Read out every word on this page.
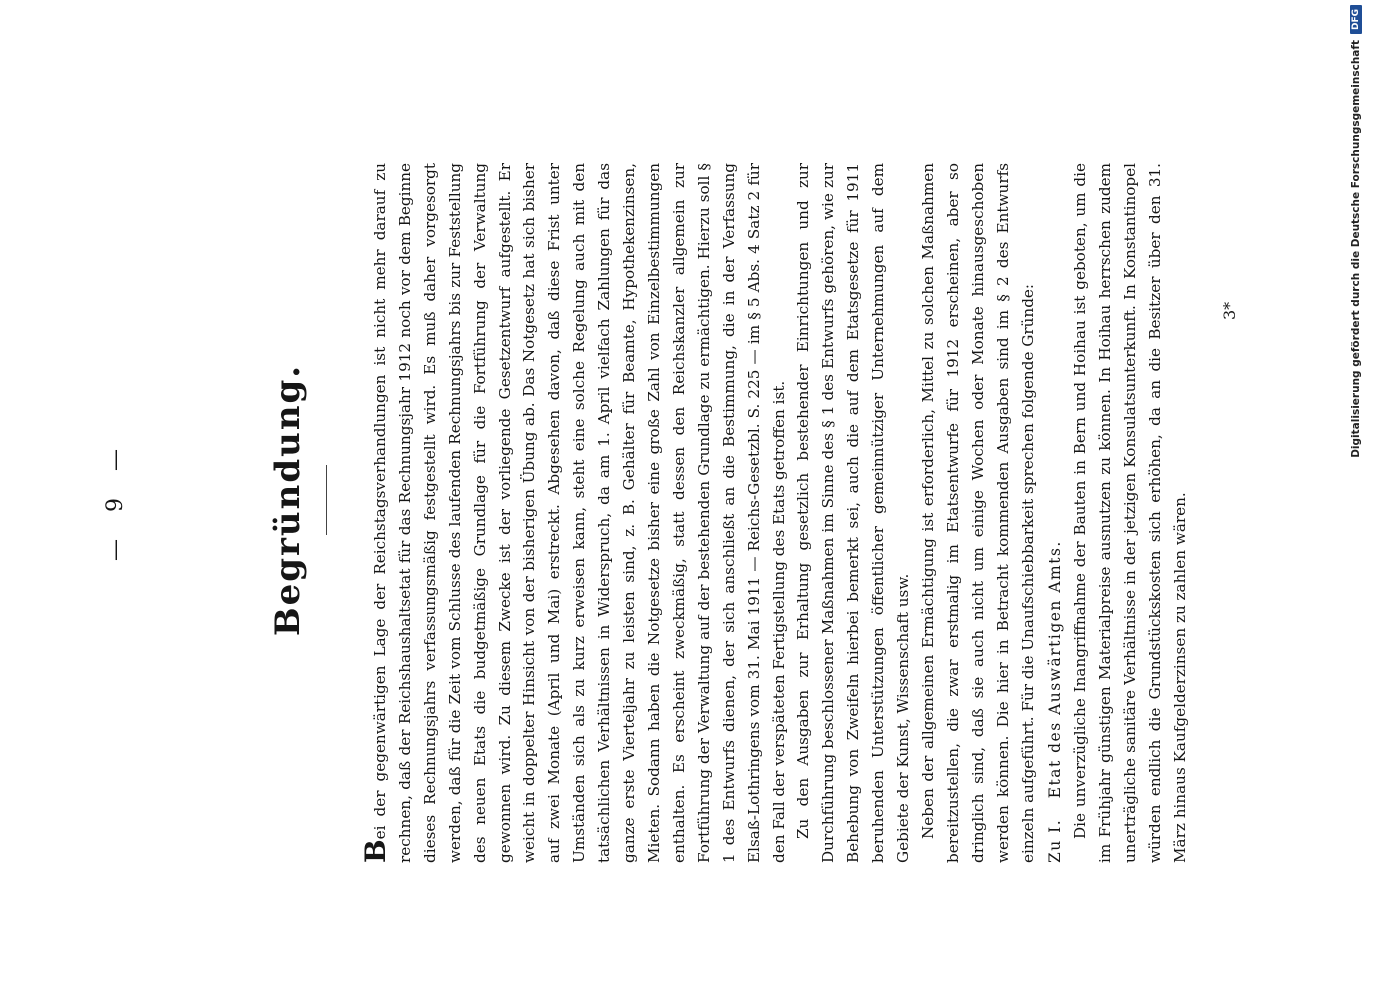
— 9 —	Begründung.

Bei der gegenwärtigen Lage der Reichstagsverhandlungen ist nicht mehr darauf zu rechnen, daß der Reichshaushaltsetat für das Rechnungsjahr 1912 noch vor dem Beginne dieses Rechnungsjahrs verfassungsmäßig festgestellt wird. Es muß daher vorgesorgt werden, daß für die Zeit vom Schlusse des laufenden Rechnungsjahrs bis zur Feststellung des neuen Etats die budgetmäßige Grundlage für die Fortführung der Verwaltung gewonnen wird. Zu diesem Zwecke ist der vorliegende Gesetzentwurf aufgestellt. Er weicht in doppelter Hinsicht von der bisherigen Übung ab. Das Notgesetz hat sich bisher auf zwei Monate (April und Mai) erstreckt. Abgesehen davon, daß diese Frist unter Umständen sich als zu kurz erweisen kann, steht eine solche Regelung auch mit den tatsächlichen Verhältnissen in Widerspruch, da am 1. April vielfach Zahlungen für das ganze erste Vierteljahr zu leisten sind, z. B. Gehälter für Beamte, Hypothekenzinsen, Mieten. Sodann haben die Notgesetze bisher eine große Zahl von Einzelbestimmungen enthalten. Es erscheint zweckmäßig, statt dessen den Reichskanzler allgemein zur Fortführung der Verwaltung auf der bestehenden Grundlage zu ermächtigen. Hierzu soll § 1 des Entwurfs dienen, der sich anschließt an die Bestimmung, die in der Verfassung Elsaß-Lothringens vom 31. Mai 1911 — Reichs-Gesetzbl. S. 225 — im § 5 Abs. 4 Satz 2 für den Fall der verspäteten Fertigstellung des Etats getroffen ist. Zu den Ausgaben zur Erhaltung gesetzlich bestehender Einrichtungen und zur Durchführung beschlossener Maßnahmen im Sinne des § 1 des Entwurfs gehören, wie zur Behebung von Zweifeln hierbei bemerkt sei, auch die auf dem Etatsgesetze für 1911 beruhenden Unterstützungen öffentlicher gemeinnütziger Unternehmungen auf dem Gebiete der Kunst, Wissenschaft usw. Neben der allgemeinen Ermächtigung ist erforderlich, Mittel zu solchen Maßnahmen bereitzustellen, die zwar erstmalig im Etatsentwurfe für 1912 erscheinen, aber so dringlich sind, daß sie auch nicht um einige Wochen oder Monate hinausgeschoben werden können. Die hier in Betracht kommenden Ausgaben sind im § 2 des Entwurfs einzeln aufgeführt. Für die Unaufschiebbarkeit sprechen folgende Gründe: Zu I. Etat des Auswärtigen Amts. Die unverzügliche Inangriffnahme der Bauten in Bern und Hoihau ist geboten, um die im Frühjahr günstigen Materialpreise ausnutzen zu können. In Hoihau herrschen zudem unerträgliche sanitäre Verhältnisse in der jetzigen Konsulatsunterkunft. In Konstantinopel würden endlich die Grundstückskosten sich erhöhen, da an die Besitzer über den 31. März hinaus Kaufgelderzinsen zu zahlen wären.

3*	Digitalisierung gefördert durch die Deutsche Forschungsgemeinschaft
DFG
